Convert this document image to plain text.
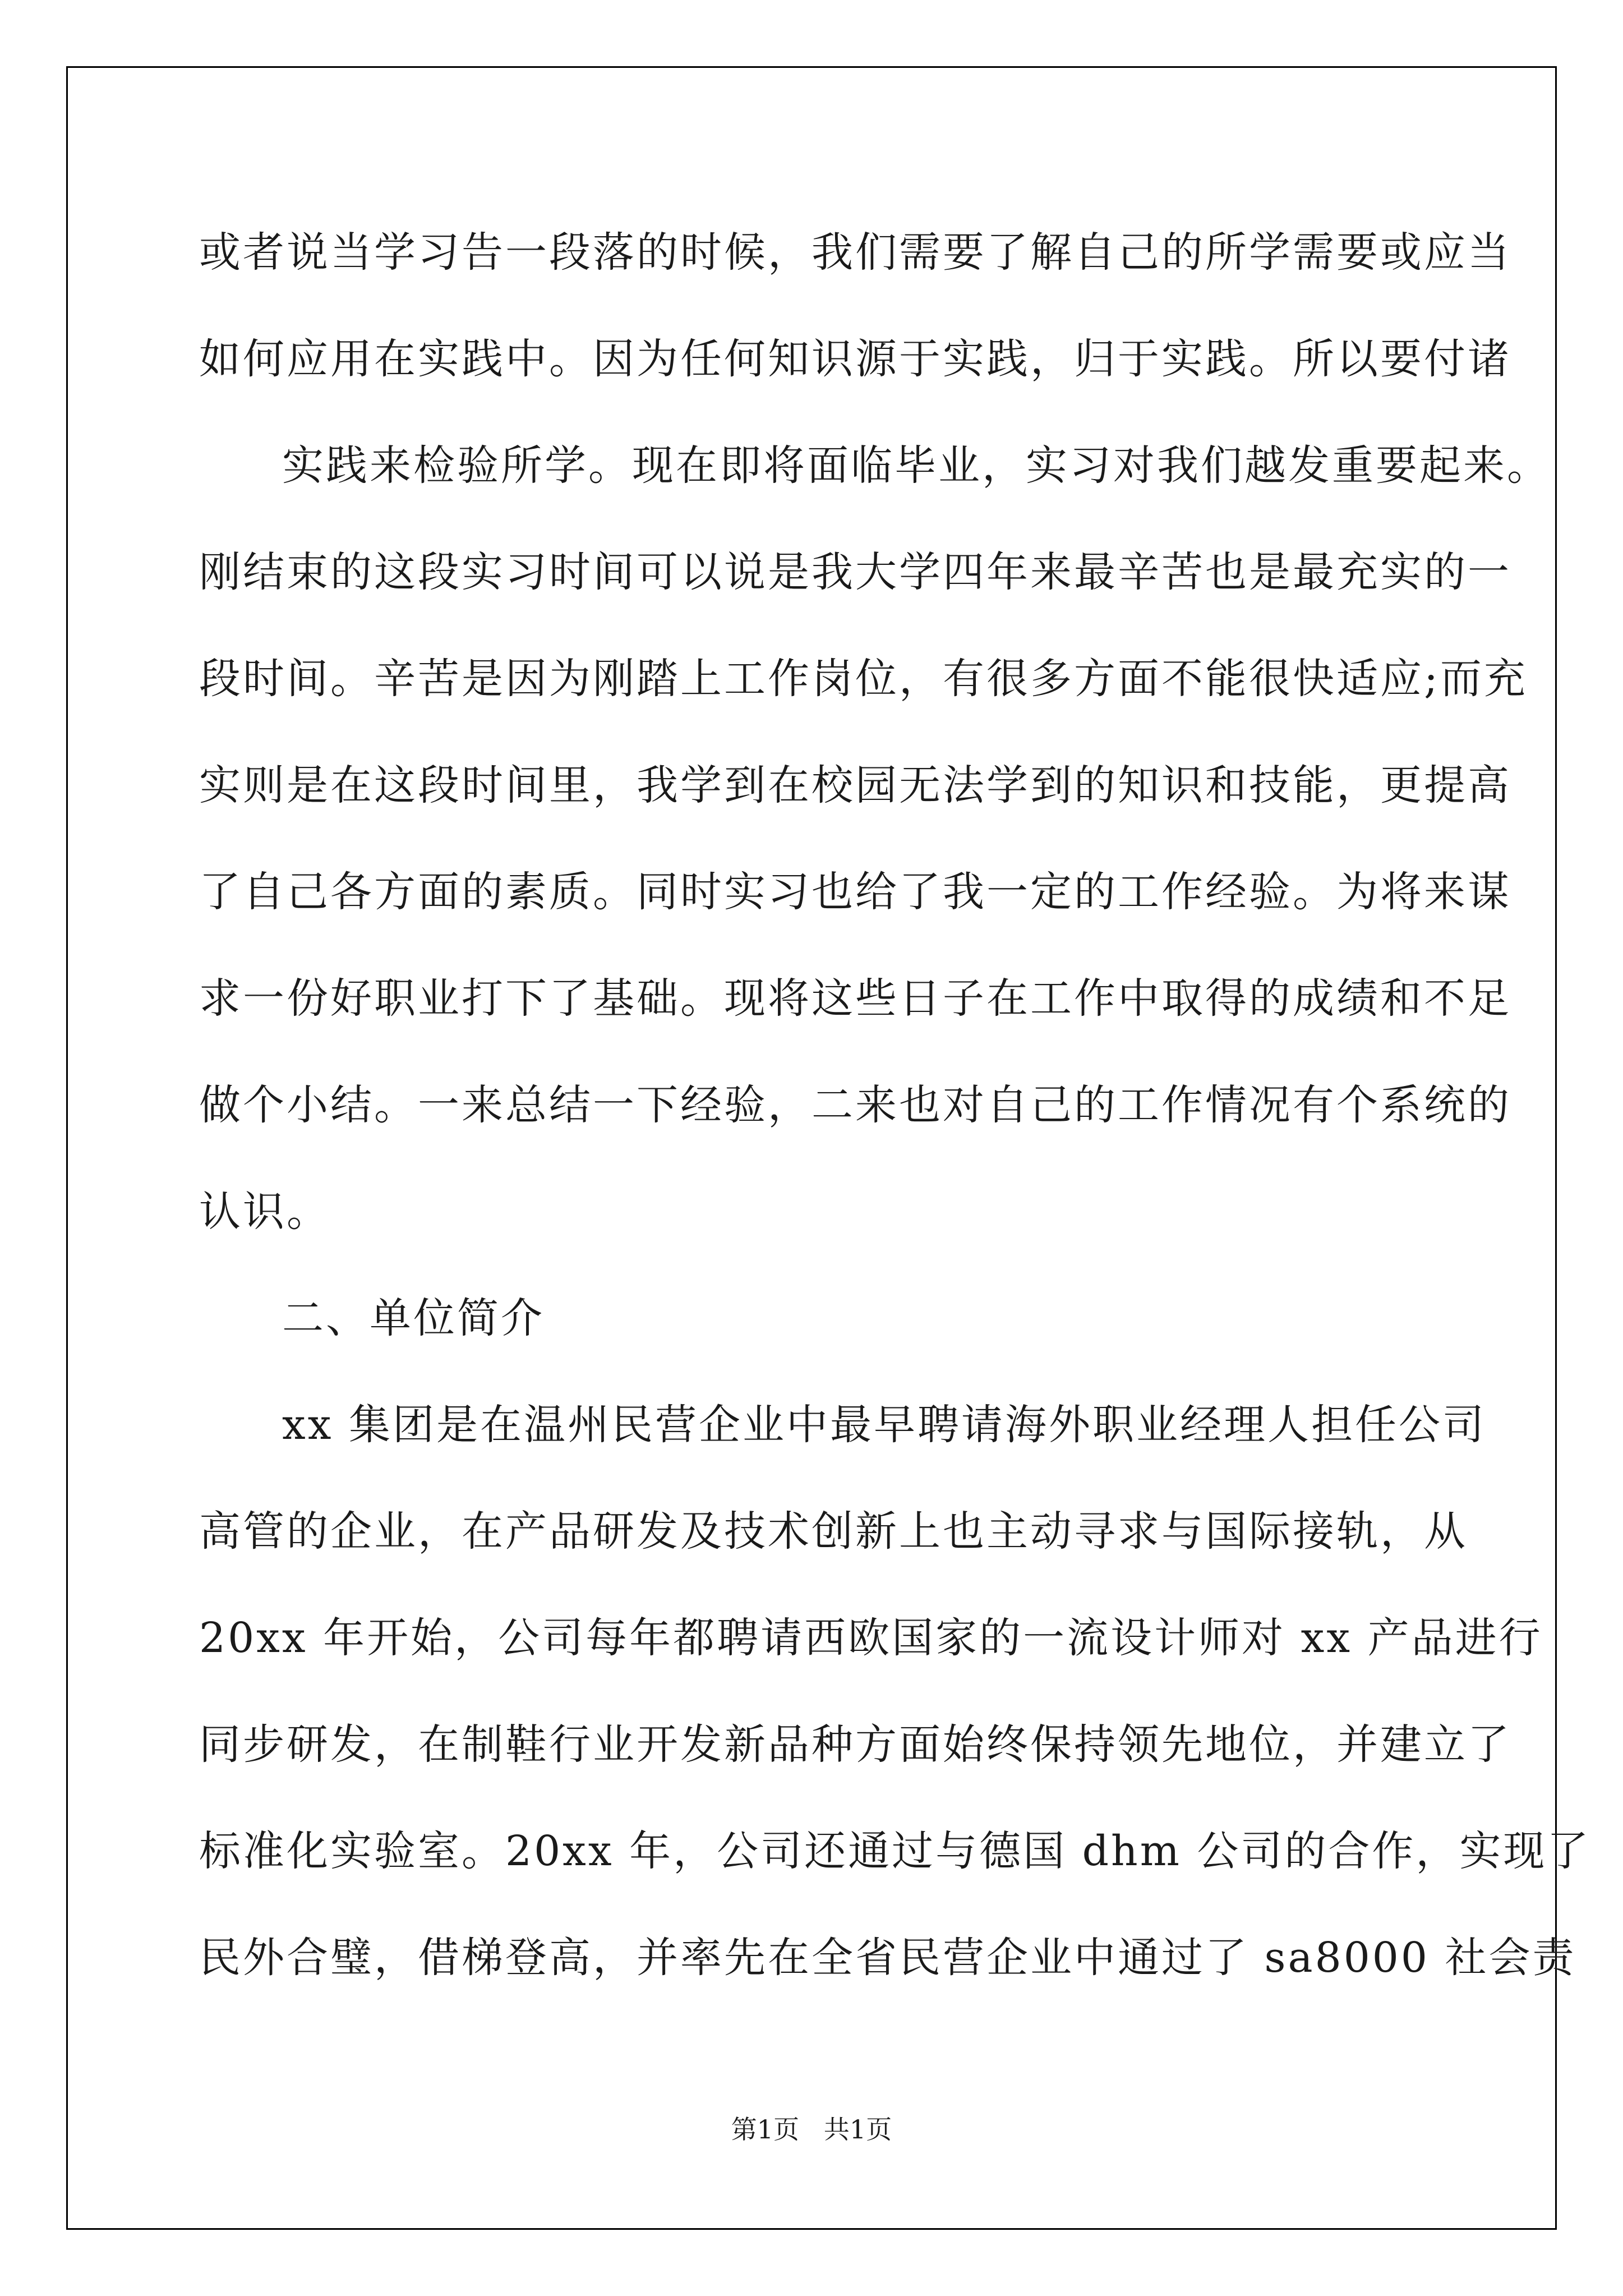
或者说当学习告一段落的时候，我们需要了解自己的所学需要或应当
如何应用在实践中。因为任何知识源于实践，归于实践。所以要付诸
实践来检验所学。现在即将面临毕业，实习对我们越发重要起来。
刚结束的这段实习时间可以说是我大学四年来最辛苦也是最充实的一
段时间。辛苦是因为刚踏上工作岗位，有很多方面不能很快适应;而充
实则是在这段时间里，我学到在校园无法学到的知识和技能，更提高
了自己各方面的素质。同时实习也给了我一定的工作经验。为将来谋
求一份好职业打下了基础。现将这些日子在工作中取得的成绩和不足
做个小结。一来总结一下经验，二来也对自己的工作情况有个系统的
认识。
二、单位简介
xx 集团是在温州民营企业中最早聘请海外职业经理人担任公司
高管的企业，在产品研发及技术创新上也主动寻求与国际接轨，从
20xx 年开始，公司每年都聘请西欧国家的一流设计师对 xx 产品进行
同步研发，在制鞋行业开发新品种方面始终保持领先地位，并建立了
标准化实验室。20xx 年，公司还通过与德国 dhm 公司的合作，实现了
民外合璧，借梯登高，并率先在全省民营企业中通过了 sa8000 社会责
第1页   共1页
